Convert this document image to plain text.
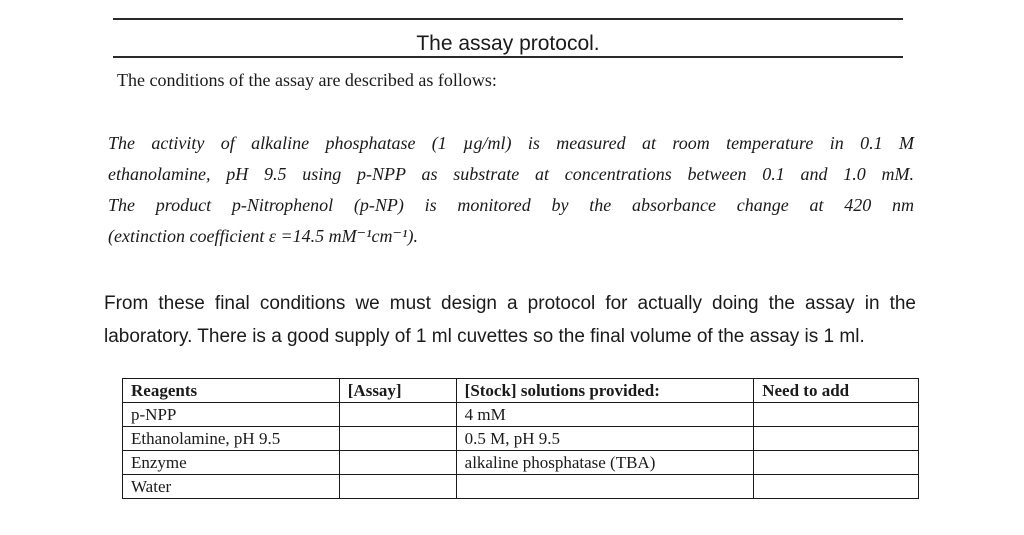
The assay protocol.
The conditions of the assay are described as follows:
The activity of alkaline phosphatase (1 µg/ml) is measured at room temperature in 0.1 M
ethanolamine, pH 9.5 using p-NPP as substrate at concentrations between 0.1 and 1.0 mM.
The product p-Nitrophenol (p-NP) is monitored by the absorbance change at 420 nm
(extinction coefficient ε =14.5 mM⁻¹cm⁻¹).
From these final conditions we must design a protocol for actually doing the assay in the
laboratory. There is a good supply of 1 ml cuvettes so the final volume of the assay is 1 ml.
Reagents	[Assay]	[Stock] solutions provided:	Need to add
p-NPP		4 mM	
Ethanolamine, pH 9.5		0.5 M, pH 9.5	
Enzyme		alkaline phosphatase (TBA)	
Water			
